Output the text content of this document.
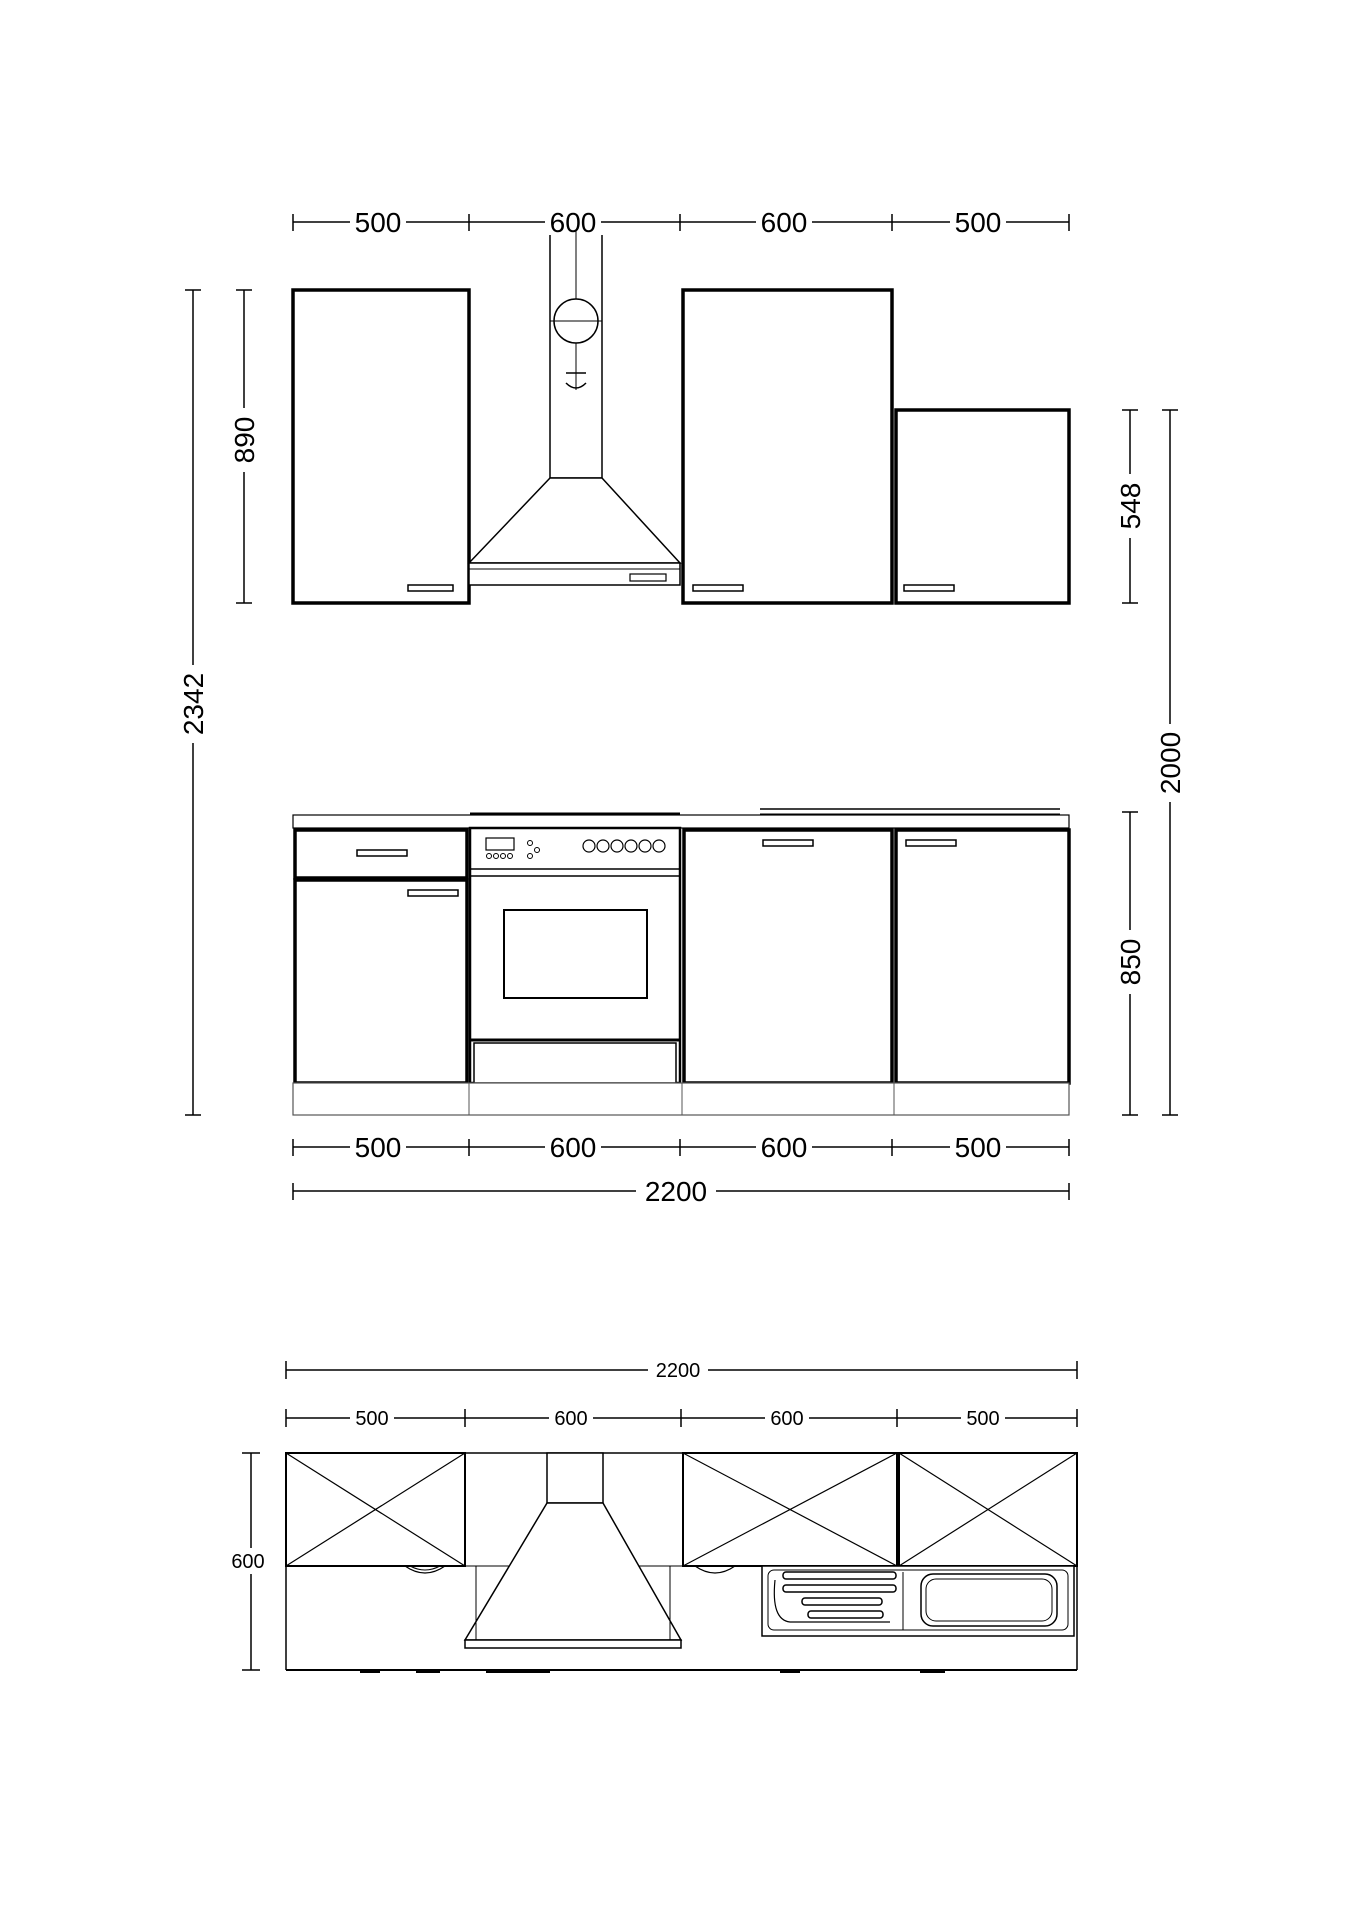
500	600	600	500
2342
890
548
2000
850
500	600	600	500
2200
2200
500	600	600	500
600
